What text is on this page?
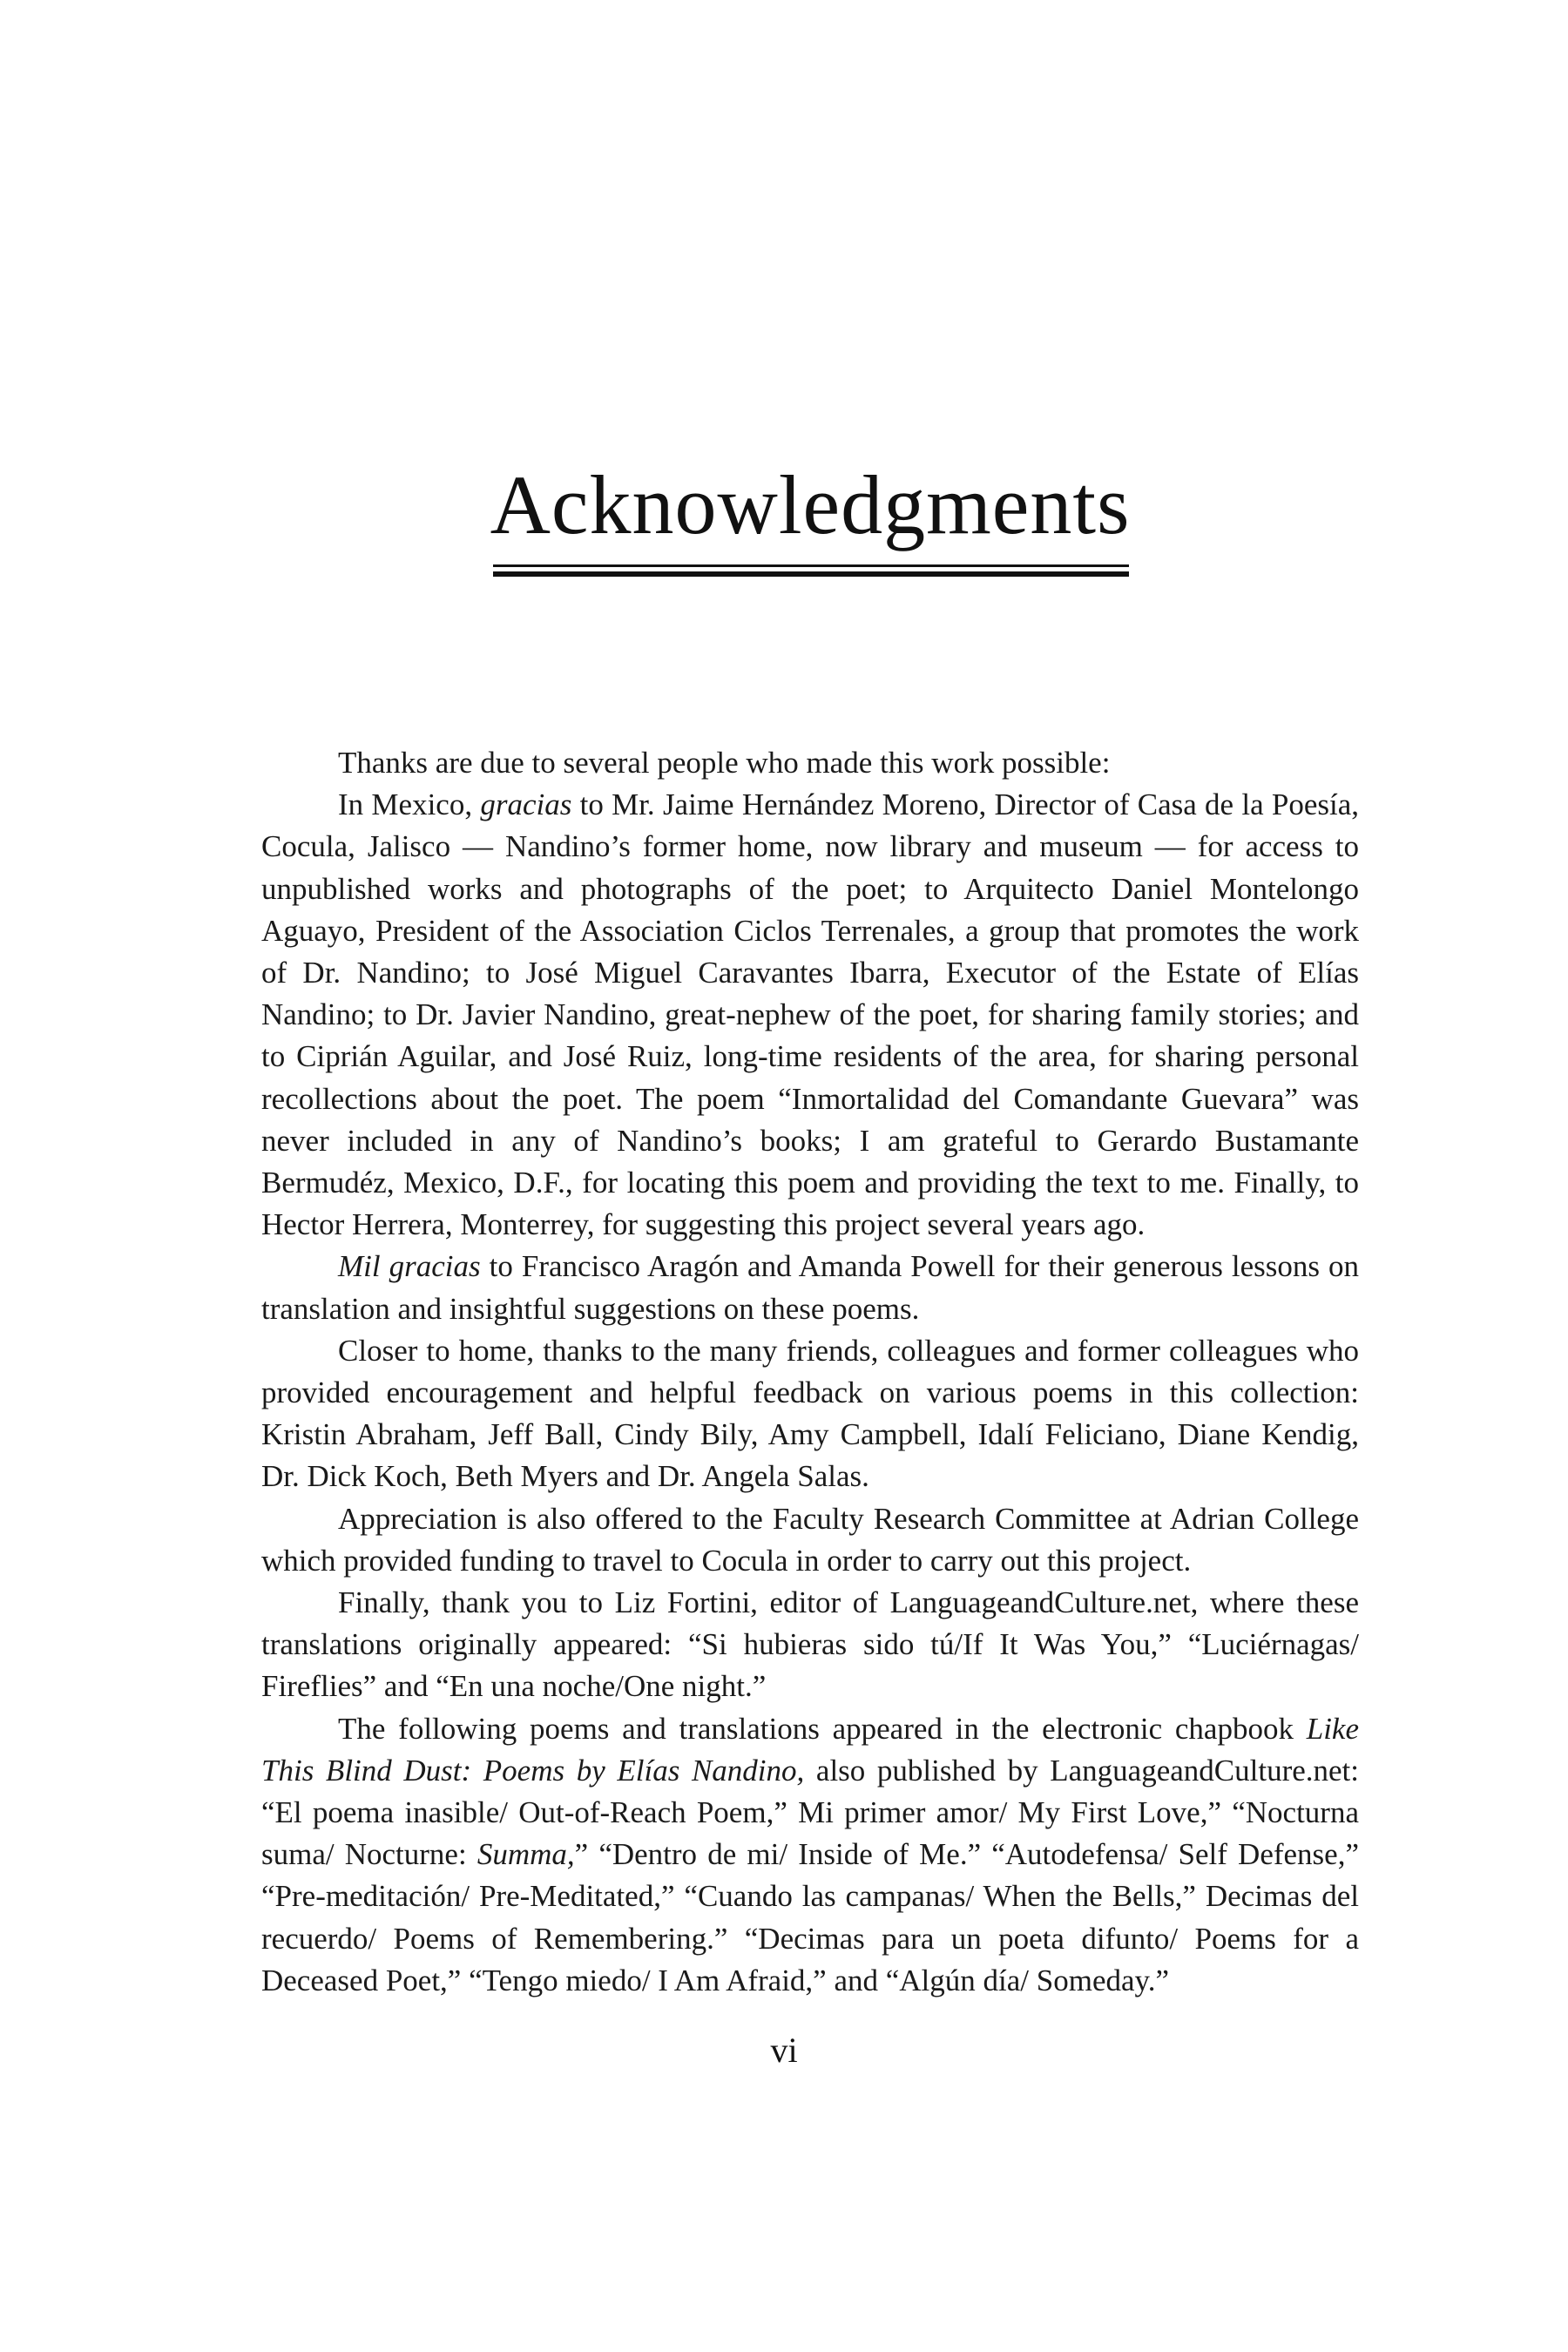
Acknowledgments

Thanks are due to several people who made this work possible:

In Mexico, gracias to Mr. Jaime Hernández Moreno, Director of Casa de la Poesía, Cocula, Jalisco — Nandino’s former home, now library and museum — for access to unpublished works and photographs of the poet; to Arquitecto Daniel Montelongo Aguayo, President of the Association Ciclos Terrenales, a group that promotes the work of Dr. Nandino; to José Miguel Caravantes Ibarra, Executor of the Estate of Elías Nandino; to Dr. Javier Nandino, great-nephew of the poet, for sharing family stories; and to Ciprián Aguilar, and José Ruiz, long-time residents of the area, for sharing personal recollections about the poet. The poem “Inmortalidad del Comandante Guevara” was never included in any of Nandino’s books; I am grateful to Gerardo Bustamante Bermudéz, Mexico, D.F., for locating this poem and providing the text to me. Finally, to Hector Herrera, Monterrey, for suggesting this project several years ago.

Mil gracias to Francisco Aragón and Amanda Powell for their generous lessons on translation and insightful suggestions on these poems.

Closer to home, thanks to the many friends, colleagues and former colleagues who provided encouragement and helpful feedback on various poems in this collection: Kristin Abraham, Jeff Ball, Cindy Bily, Amy Campbell, Idalí Feliciano, Diane Kendig, Dr. Dick Koch, Beth Myers and Dr. Angela Salas.

Appreciation is also offered to the Faculty Research Committee at Adrian College which provided funding to travel to Cocula in order to carry out this project.

Finally, thank you to Liz Fortini, editor of LanguageandCulture.net, where these translations originally appeared: “Si hubieras sido tú/If It Was You,” “Luciérnagas/ Fireflies” and “En una noche/One night.”

The following poems and translations appeared in the electronic chapbook Like This Blind Dust: Poems by Elías Nandino, also published by LanguageandCulture.net: “El poema inasible/ Out-of-Reach Poem,” Mi primer amor/ My First Love,” “Nocturna suma/ Nocturne: Summa,” “Dentro de mi/ Inside of Me.” “Autodefensa/ Self Defense,” “Pre-meditación/ Pre-Meditated,” “Cuando las campanas/ When the Bells,” Decimas del recuerdo/ Poems of Remembering.” “Decimas para un poeta difunto/ Poems for a Deceased Poet,” “Tengo miedo/ I Am Afraid,” and “Algún día/ Someday.”

vi
